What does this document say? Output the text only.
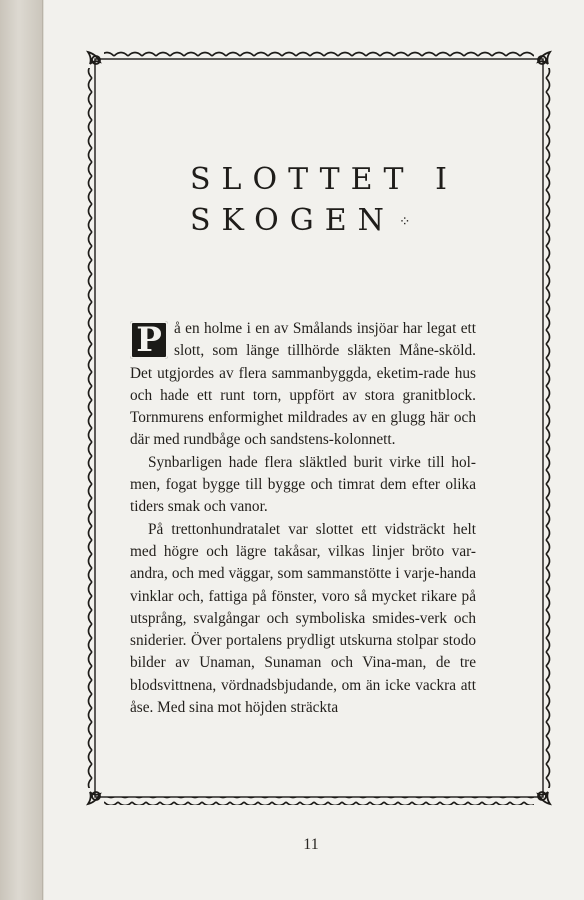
SLOTTET I
SKOGEN ⁘

P å en holme i en av Smålands insjöar har legat ett slott, som länge tillhörde släkten Måne-sköld. Det utgjordes av flera sammanbyggda, eketim-rade hus och hade ett runt torn, uppfört av stora granitblock. Tornmurens enformighet mildrades av en glugg här och där med rundbåge och sandstens-kolonnett.

Synbarligen hade flera släktled burit virke till hol-men, fogat bygge till bygge och timrat dem efter olika tiders smak och vanor.

På trettonhundratalet var slottet ett vidsträckt helt med högre och lägre takåsar, vilkas linjer bröto var-andra, och med väggar, som sammanstötte i varje-handa vinklar och, fattiga på fönster, voro så mycket rikare på utsprång, svalgångar och symboliska smides-verk och sniderier. Över portalens prydligt utskurna stolpar stodo bilder av Unaman, Sunaman och Vina-man, de tre blodsvittnena, vördnadsbjudande, om än icke vackra att åse. Med sina mot höjden sträckta

11
